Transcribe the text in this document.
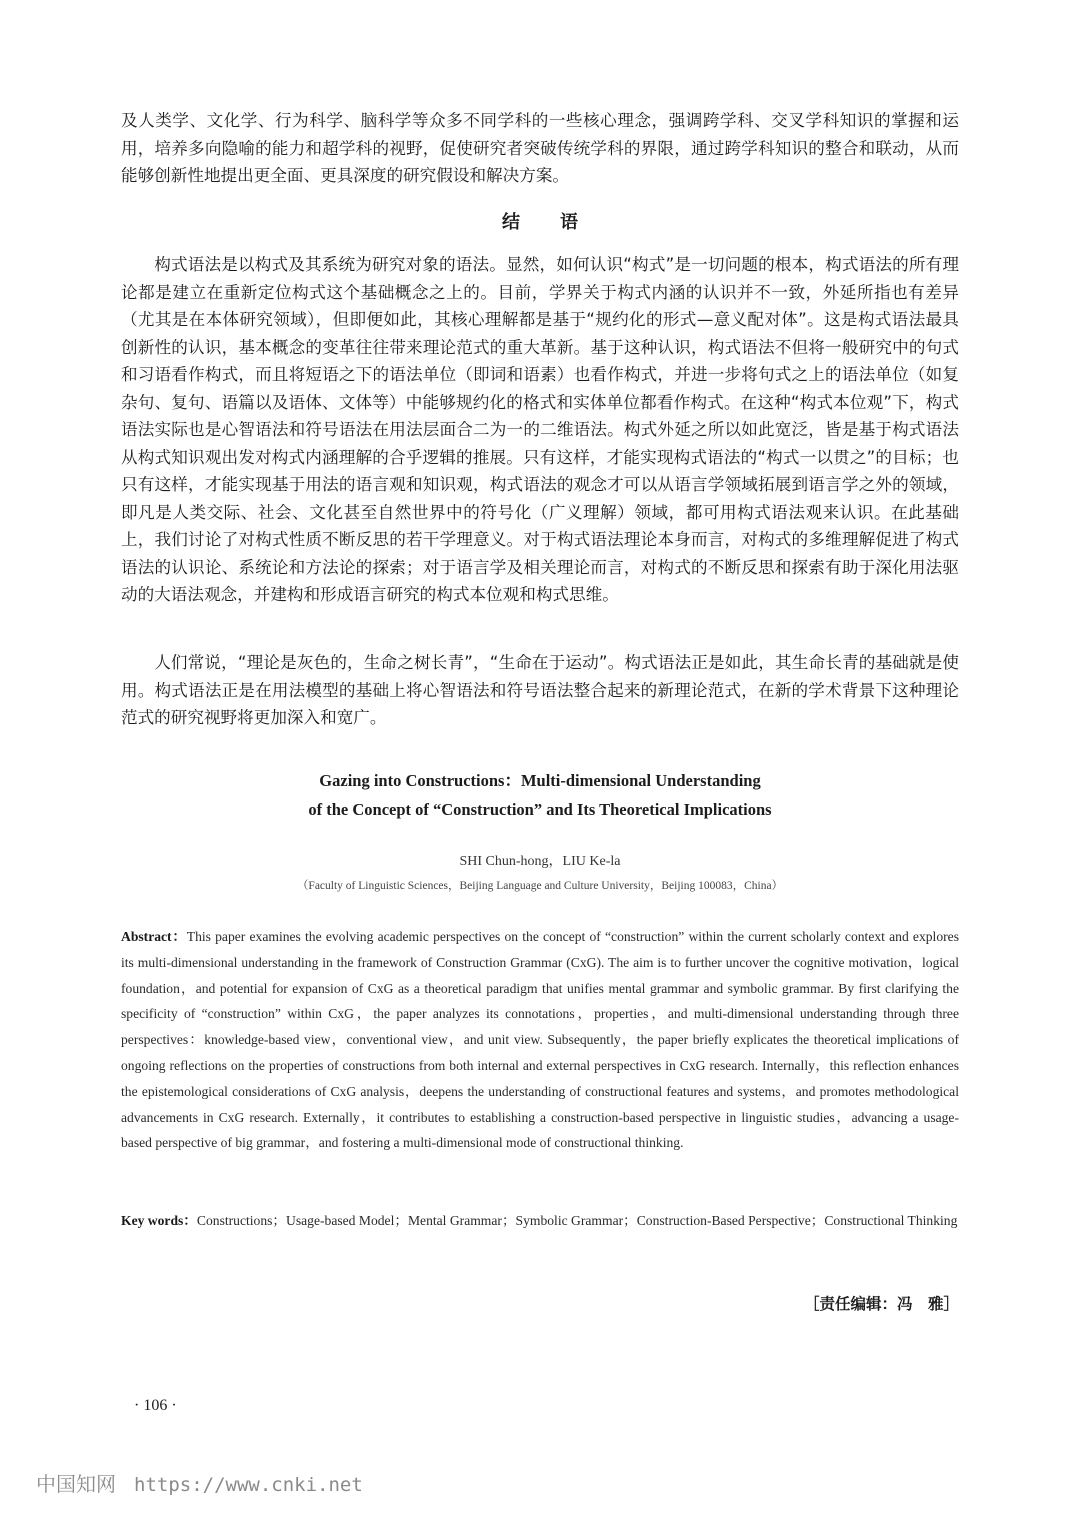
及人类学、文化学、行为科学、脑科学等众多不同学科的一些核心理念，强调跨学科、交叉学科知识的掌握和运用，培养多向隐喻的能力和超学科的视野，促使研究者突破传统学科的界限，通过跨学科知识的整合和联动，从而能够创新性地提出更全面、更具深度的研究假设和解决方案。

结语

构式语法是以构式及其系统为研究对象的语法。显然，如何认识“构式”是一切问题的根本，构式语法的所有理论都是建立在重新定位构式这个基础概念之上的。目前，学界关于构式内涵的认识并不一致，外延所指也有差异（尤其是在本体研究领域），但即便如此，其核心理解都是基于“规约化的形式—意义配对体”。这是构式语法最具创新性的认识，基本概念的变革往往带来理论范式的重大革新。基于这种认识，构式语法不但将一般研究中的句式和习语看作构式，而且将短语之下的语法单位（即词和语素）也看作构式，并进一步将句式之上的语法单位（如复杂句、复句、语篇以及语体、文体等）中能够规约化的格式和实体单位都看作构式。在这种“构式本位观”下，构式语法实际也是心智语法和符号语法在用法层面合二为一的二维语法。构式外延之所以如此宽泛，皆是基于构式语法从构式知识观出发对构式内涵理解的合乎逻辑的推展。只有这样，才能实现构式语法的“构式一以贯之”的目标；也只有这样，才能实现基于用法的语言观和知识观，构式语法的观念才可以从语言学领域拓展到语言学之外的领域，即凡是人类交际、社会、文化甚至自然世界中的符号化（广义理解）领域，都可用构式语法观来认识。在此基础上，我们讨论了对构式性质不断反思的若干学理意义。对于构式语法理论本身而言，对构式的多维理解促进了构式语法的认识论、系统论和方法论的探索；对于语言学及相关理论而言，对构式的不断反思和探索有助于深化用法驱动的大语法观念，并建构和形成语言研究的构式本位观和构式思维。

人们常说，“理论是灰色的，生命之树长青”，“生命在于运动”。构式语法正是如此，其生命长青的基础就是使用。构式语法正是在用法模型的基础上将心智语法和符号语法整合起来的新理论范式，在新的学术背景下这种理论范式的研究视野将更加深入和宽广。

Gazing into Constructions：Multi-dimensional Understanding
of the Concept of “Construction” and Its Theoretical Implications
SHI Chun-hong，LIU Ke-la
（Faculty of Linguistic Sciences，Beijing Language and Culture University，Beijing 100083，China）

Abstract：This paper examines the evolving academic perspectives on the concept of “construction” within the current scholarly context and explores its multi-dimensional understanding in the framework of Construction Grammar (CxG). The aim is to further uncover the cognitive motivation，logical foundation，and potential for expansion of CxG as a theoretical paradigm that unifies mental grammar and symbolic grammar. By first clarifying the specificity of “construction” within CxG，the paper analyzes its connotations，properties，and multi-dimensional understanding through three perspectives：knowledge-based view，conventional view，and unit view. Subsequently，the paper briefly explicates the theoretical implications of ongoing reflections on the properties of constructions from both internal and external perspectives in CxG research. Internally，this reflection enhances the epistemological considerations of CxG analysis，deepens the understanding of constructional features and systems，and promotes methodological advancements in CxG research. Externally，it contributes to establishing a construction-based perspective in linguistic studies，advancing a usage-based perspective of big grammar，and fostering a multi-dimensional mode of constructional thinking.

Key words：Constructions；Usage-based Model；Mental Grammar；Symbolic Grammar；Construction-Based Perspective；Constructional Thinking

［责任编辑：冯　雅］
· 106 ·
中国知网 https://www.cnki.net
